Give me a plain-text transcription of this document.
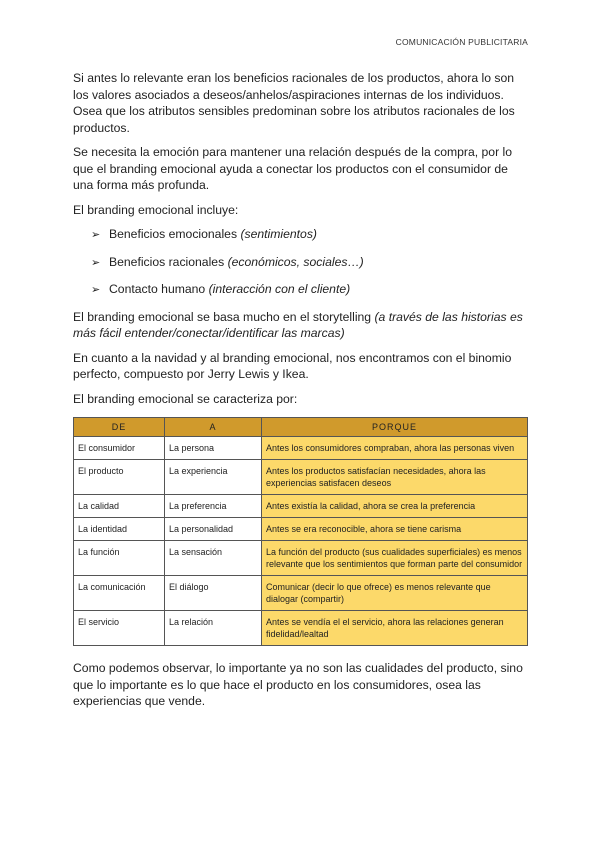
COMUNICACIÓN PUBLICITARIA

Si antes lo relevante eran los beneficios racionales de los productos, ahora lo son los valores asociados a deseos/anhelos/aspiraciones internas de los individuos. Osea que los atributos sensibles predominan sobre los atributos racionales de los productos.

Se necesita la emoción para mantener una relación después de la compra, por lo que el branding emocional ayuda a conectar los productos con el consumidor de una forma más profunda.

El branding emocional incluye:

➢ Beneficios emocionales (sentimientos)
➢ Beneficios racionales (económicos, sociales…)
➢ Contacto humano (interacción con el cliente)

El branding emocional se basa mucho en el storytelling (a través de las historias es más fácil entender/conectar/identificar las marcas)

En cuanto a la navidad y al branding emocional, nos encontramos con el binomio perfecto, compuesto por Jerry Lewis y Ikea.

El branding emocional se caracteriza por:

DE	A	PORQUE
El consumidor	La persona	Antes los consumidores compraban, ahora las personas viven
El producto	La experiencia	Antes los productos satisfacían necesidades, ahora las experiencias satisfacen deseos
La calidad	La preferencia	Antes existía la calidad, ahora se crea la preferencia
La identidad	La personalidad	Antes se era reconocible, ahora se tiene carisma
La función	La sensación	La función del producto (sus cualidades superficiales) es menos relevante que los sentimientos que forman parte del consumidor
La comunicación	El diálogo	Comunicar (decir lo que ofrece) es menos relevante que dialogar (compartir)
El servicio	La relación	Antes se vendía el el servicio, ahora las relaciones generan fidelidad/lealtad

Como podemos observar, lo importante ya no son las cualidades del producto, sino que lo importante es lo que hace el producto en los consumidores, osea las experiencias que vende.
